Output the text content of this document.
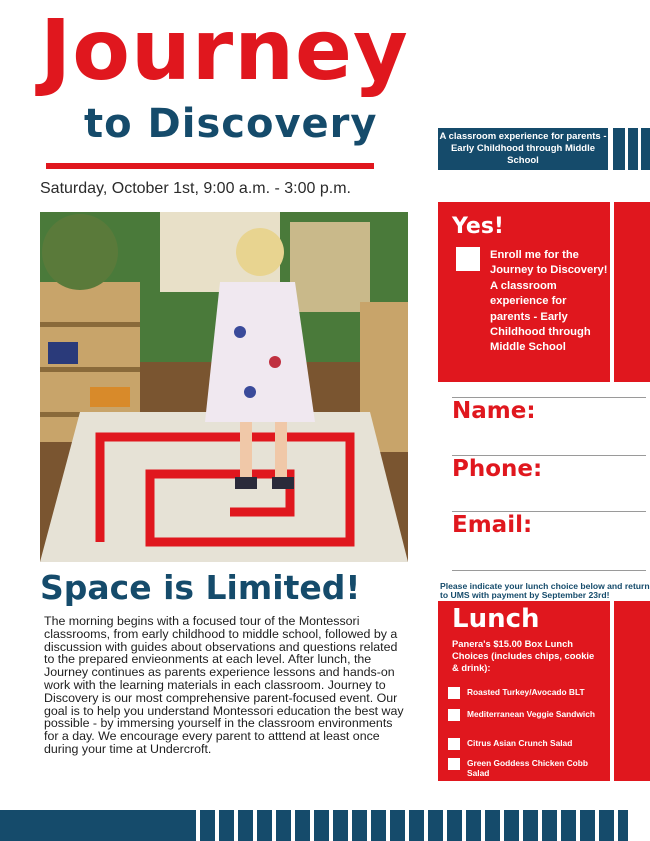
Journey
to Discovery
Saturday, October 1st, 9:00 a.m. - 3:00 p.m.
Space is Limited!
The morning begins with a focused tour of the Montessori classrooms, from early childhood to middle school, followed by a discussion with guides about observations and questions related to the prepared envieonments at each level. After lunch, the Journey continues as parents experience lessons and hands-on work with the learning materials in each classroom. Journey to Discovery is our most comprehensive parent-focused event. Our goal is to help you understand Montessori education the best way possible - by immersing yourself in the classroom environments for a day. We encourage every parent to atttend at least once during your time at Undercroft.
A classroom experience for parents - Early Childhood through Middle School
Yes!
Enroll me for the Journey to Discovery! A classroom experience for parents - Early Childhood through Middle School
Name:
Phone:
Email:
Please indicate your lunch choice below and return to UMS with payment by September 23rd!
Lunch
Panera's $15.00 Box Lunch Choices (includes chips, cookie & drink):
Roasted Turkey/Avocado BLT
Mediterranean Veggie Sandwich
Citrus Asian Crunch Salad
Green Goddess Chicken Cobb Salad
